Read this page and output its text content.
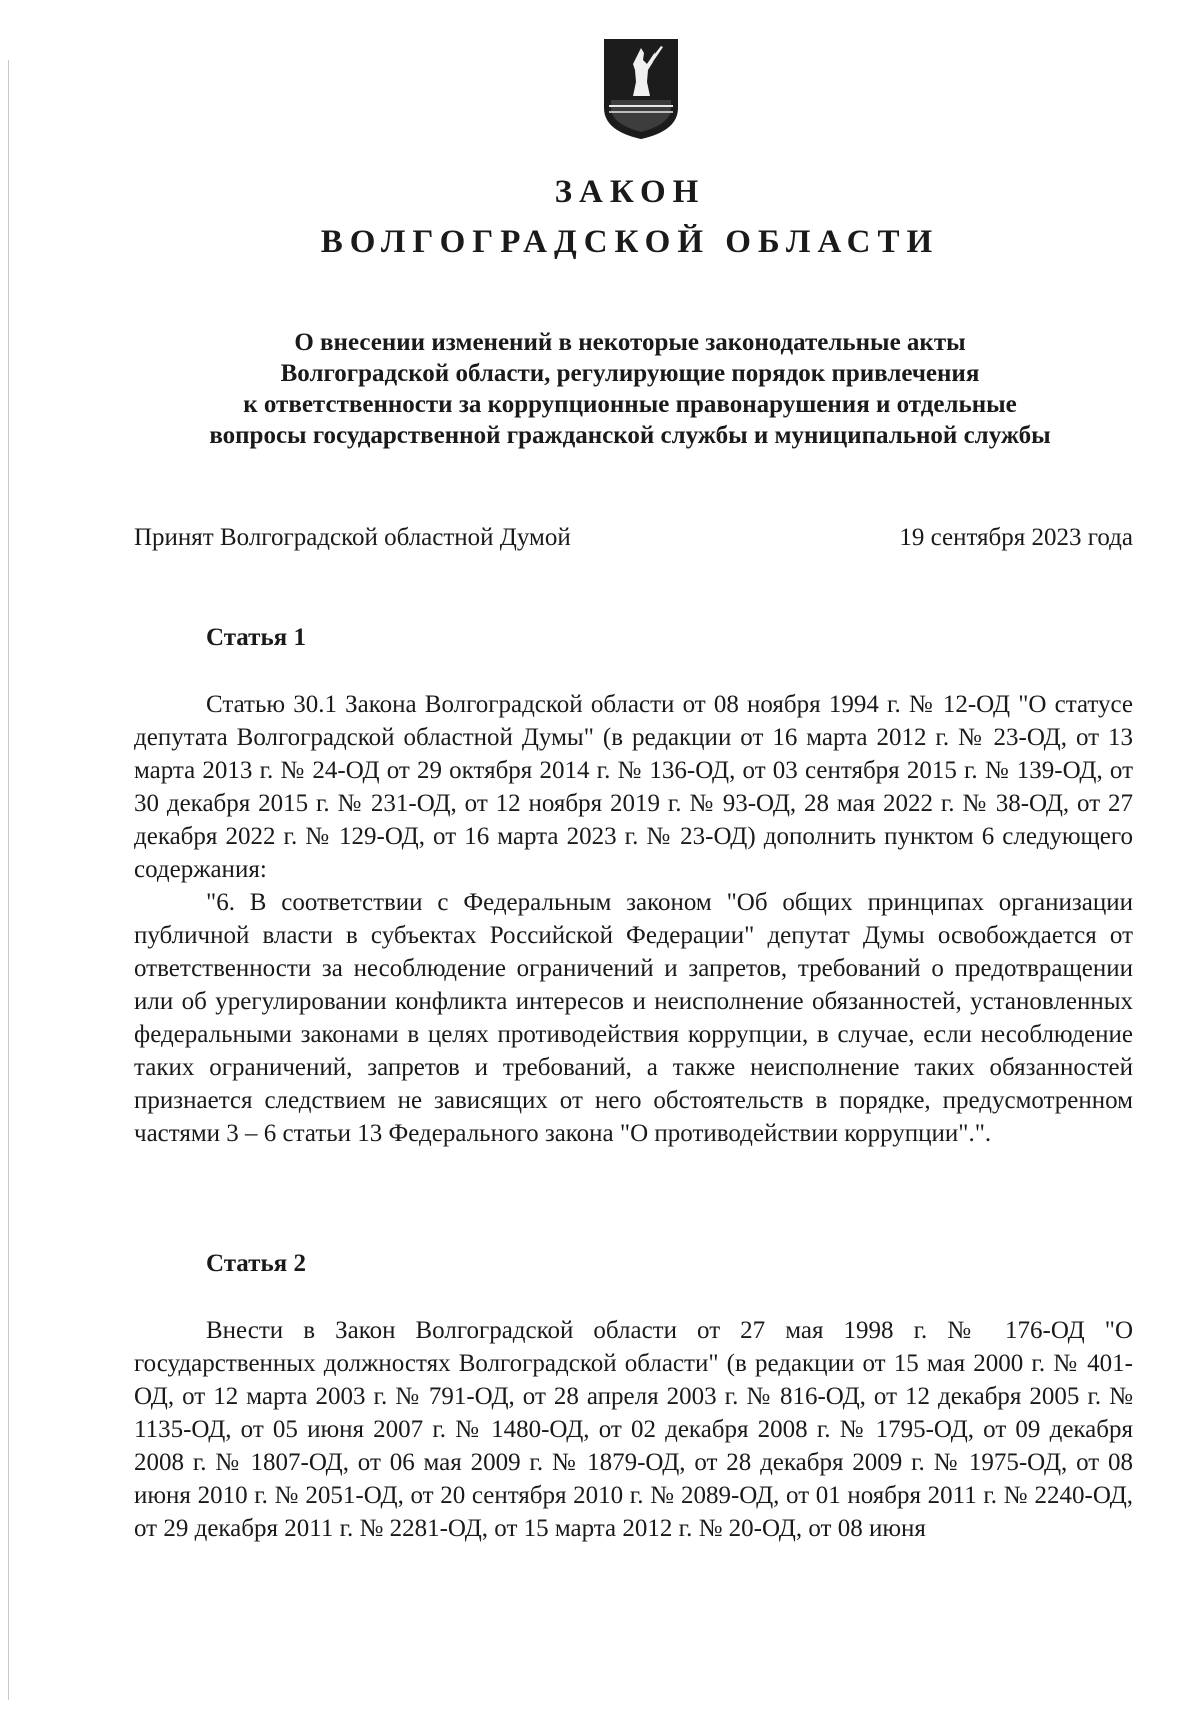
ЗАКОН
ВОЛГОГРАДСКОЙ ОБЛАСТИ
О внесении изменений в некоторые законодательные акты
Волгоградской области, регулирующие порядок привлечения
к ответственности за коррупционные правонарушения и отдельные
вопросы государственной гражданской службы и муниципальной службы
Принят Волгоградской областной Думой	19 сентября 2023 года
Статья 1

Статью 30.1 Закона Волгоградской области от 08 ноября 1994 г. № 12-ОД "О статусе депутата Волгоградской областной Думы" (в редакции от 16 марта 2012 г. № 23-ОД, от 13 марта 2013 г. № 24-ОД от 29 октября 2014 г. № 136-ОД, от 03 сентября 2015 г. № 139-ОД, от 30 декабря 2015 г. № 231-ОД, от 12 ноября 2019 г. № 93-ОД, 28 мая 2022 г. № 38-ОД, от 27 декабря 2022 г. № 129-ОД, от 16 марта 2023 г. № 23-ОД) дополнить пунктом 6 следующего содержания:

"6. В соответствии с Федеральным законом "Об общих принципах организации публичной власти в субъектах Российской Федерации" депутат Думы освобождается от ответственности за несоблюдение ограничений и запретов, требований о предотвращении или об урегулировании конфликта интересов и неисполнение обязанностей, установленных федеральными законами в целях противодействия коррупции, в случае, если несоблюдение таких ограничений, запретов и требований, а также неисполнение таких обязанностей признается следствием не зависящих от него обстоятельств в порядке, предусмотренном частями 3 – 6 статьи 13 Федерального закона "О противодействии коррупции".".

Статья 2

Внести в Закон Волгоградской области от 27 мая 1998 г. № 176-ОД "О государственных должностях Волгоградской области" (в редакции от 15 мая 2000 г. № 401-ОД, от 12 марта 2003 г. № 791-ОД, от 28 апреля 2003 г. № 816-ОД, от 12 декабря 2005 г. № 1135-ОД, от 05 июня 2007 г. № 1480-ОД, от 02 декабря 2008 г. № 1795-ОД, от 09 декабря 2008 г. № 1807-ОД, от 06 мая 2009 г. № 1879-ОД, от 28 декабря 2009 г. № 1975-ОД, от 08 июня 2010 г. № 2051-ОД, от 20 сентября 2010 г. № 2089-ОД, от 01 ноября 2011 г. № 2240-ОД, от 29 декабря 2011 г. № 2281-ОД, от 15 марта 2012 г. № 20-ОД, от 08 июня
